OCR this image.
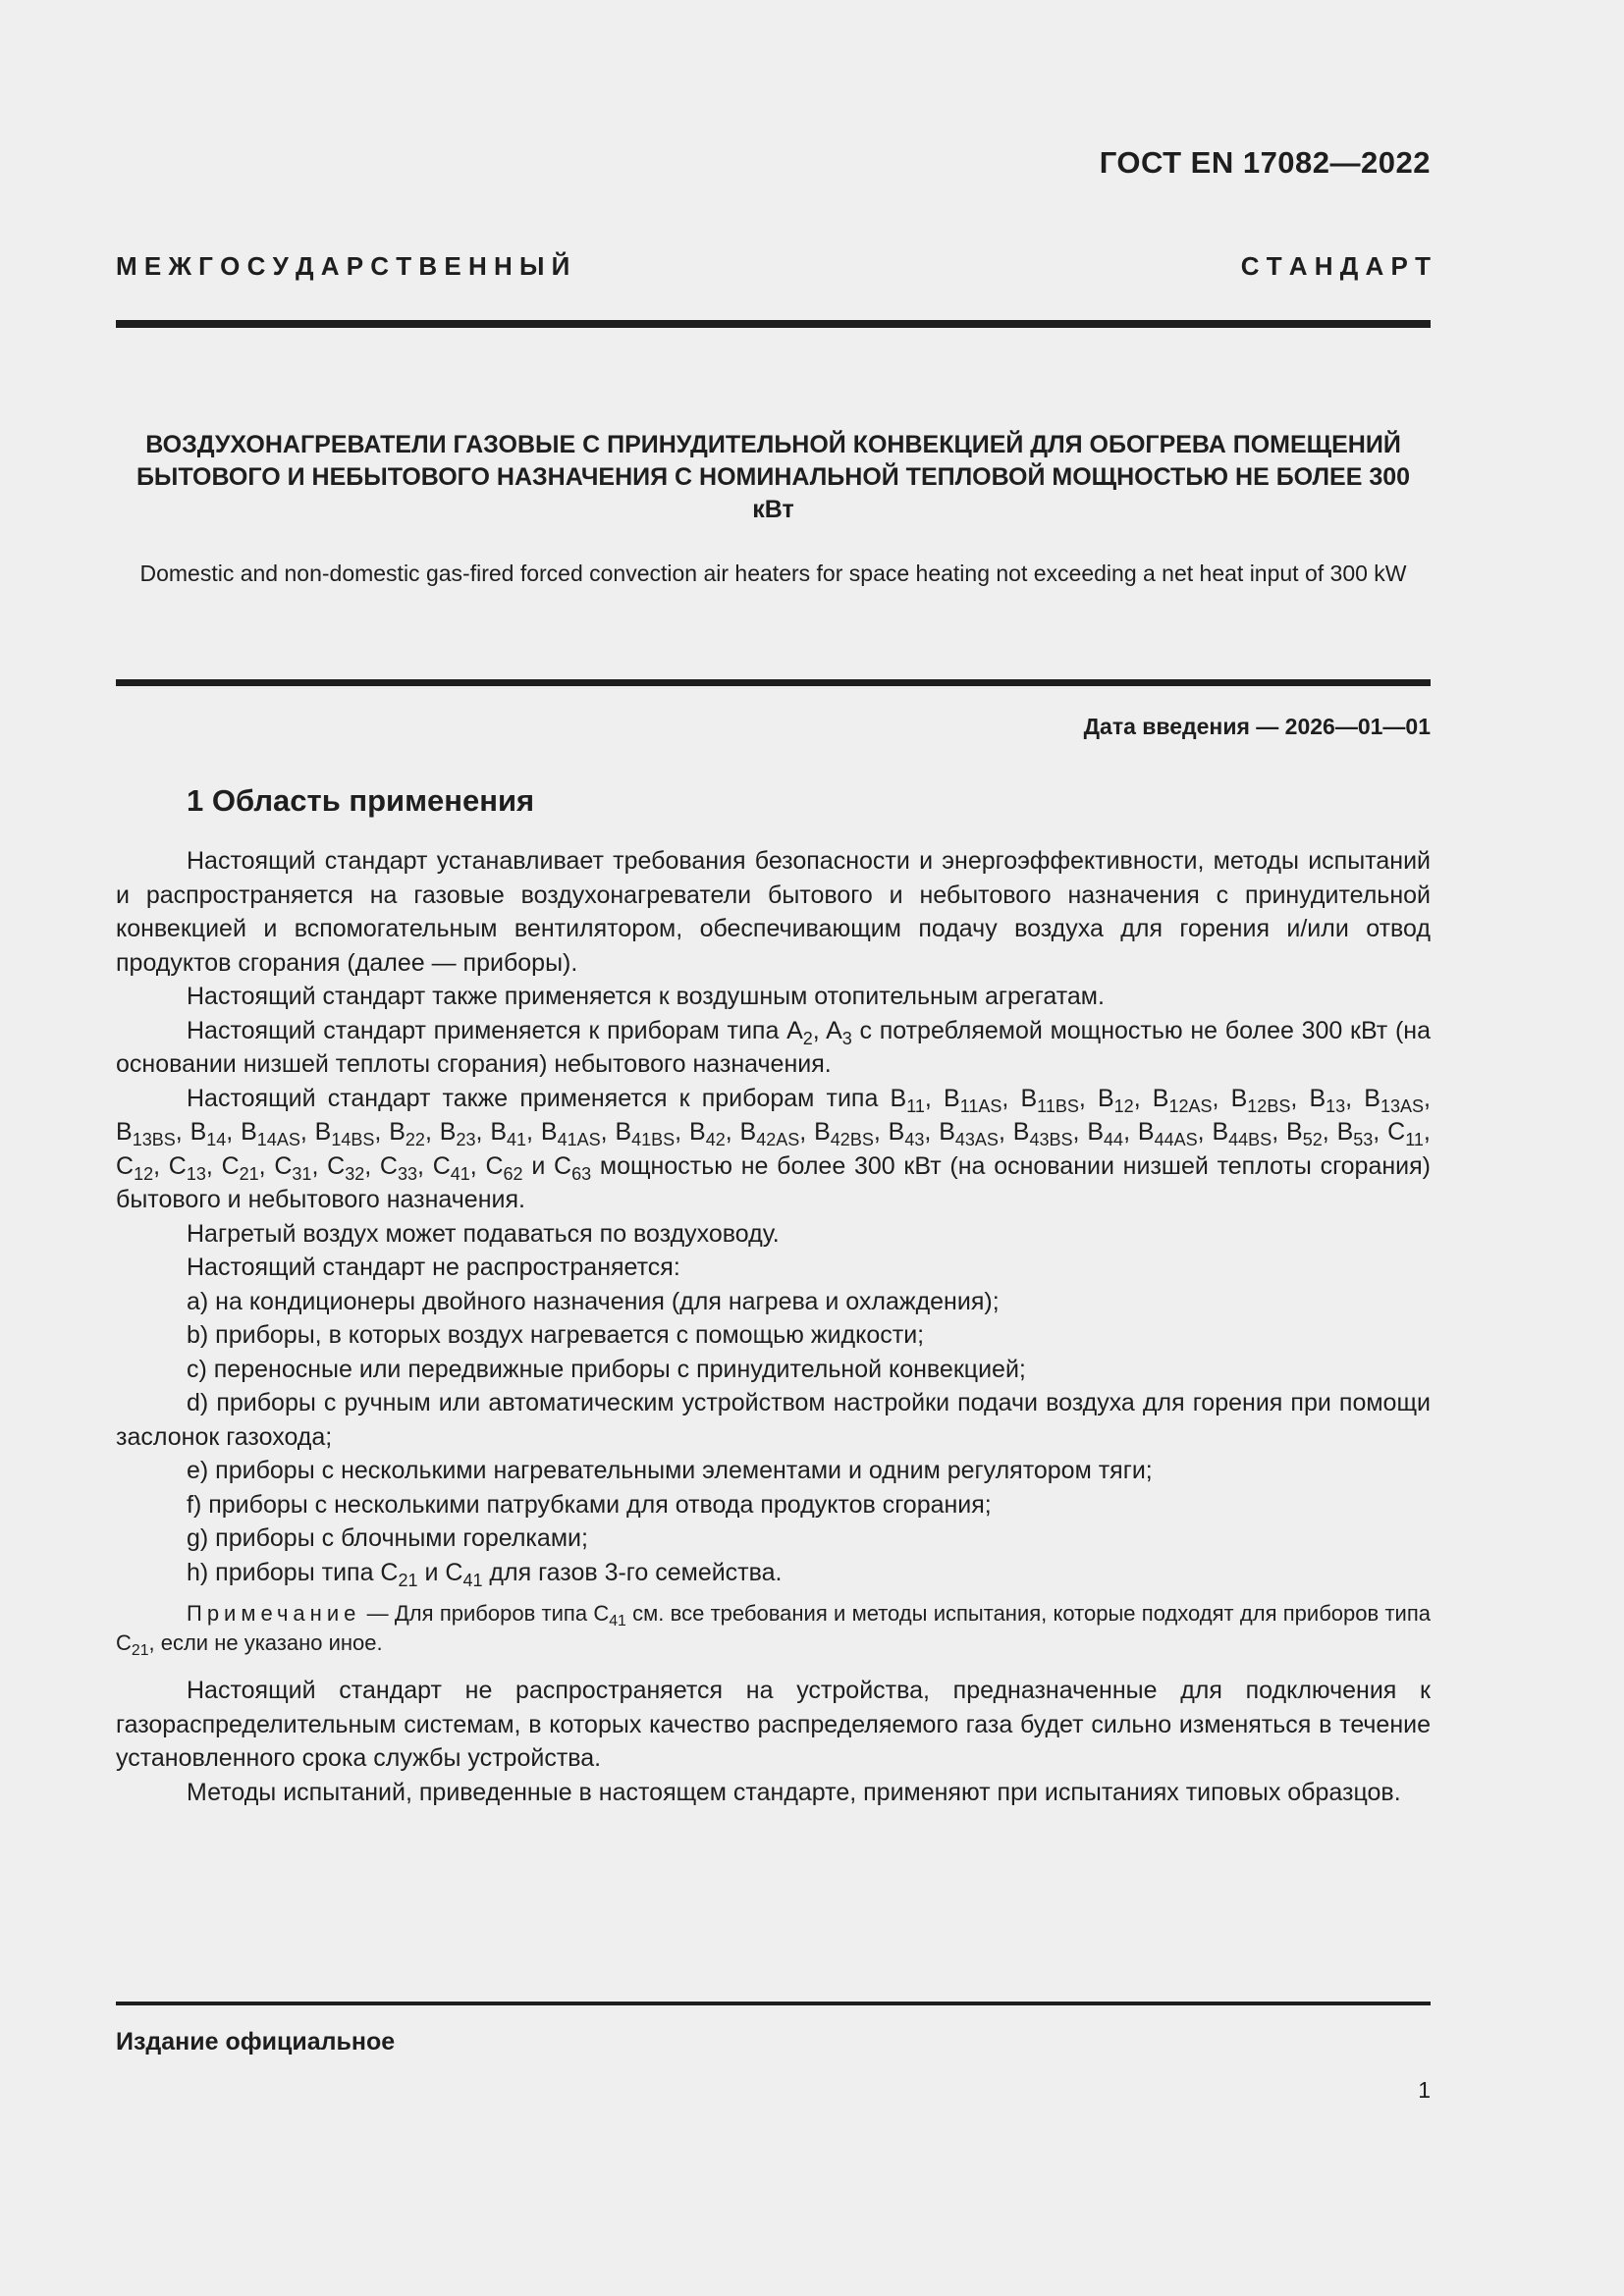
ГОСТ EN 17082—2022
М Е Ж Г О С У Д А Р С Т В Е Н Н Ы Й	С Т А Н Д А Р Т
ВОЗДУХОНАГРЕВАТЕЛИ ГАЗОВЫЕ С ПРИНУДИТЕЛЬНОЙ КОНВЕКЦИЕЙ ДЛЯ ОБОГРЕВА ПОМЕЩЕНИЙ БЫТОВОГО И НЕБЫТОВОГО НАЗНАЧЕНИЯ С НОМИНАЛЬНОЙ ТЕПЛОВОЙ МОЩНОСТЬЮ НЕ БОЛЕЕ 300 кВт
Domestic and non-domestic gas-fired forced convection air heaters for space heating not exceeding a net heat input of 300 kW
Дата введения — 2026—01—01
1 Область применения

Настоящий стандарт устанавливает требования безопасности и энергоэффективности, методы испытаний и распространяется на газовые воздухонагреватели бытового и небытового назначения с принудительной конвекцией и вспомогательным вентилятором, обеспечивающим подачу воздуха для горения и/или отвод продуктов сгорания (далее — приборы).

Настоящий стандарт также применяется к воздушным отопительным агрегатам.

Настоящий стандарт применяется к приборам типа $A_2$, $A_3$ с потребляемой мощностью не более 300 кВт (на основании низшей теплоты сгорания) небытового назначения.

Настоящий стандарт также применяется к приборам типа $B_{11}$, $B_{11AS}$, $B_{11BS}$, $B_{12}$, $B_{12AS}$, $B_{12BS}$, $B_{13}$, $B_{13AS}$, $B_{13BS}$, $B_{14}$, $B_{14AS}$, $B_{14BS}$, $B_{22}$, $B_{23}$, $B_{41}$, $B_{41AS}$, $B_{41BS}$, $B_{42}$, $B_{42AS}$, $B_{42BS}$, $B_{43}$, $B_{43AS}$, $B_{43BS}$, $B_{44}$, $B_{44AS}$, $B_{44BS}$, $B_{52}$, $B_{53}$, $C_{11}$, $C_{12}$, $C_{13}$, $C_{21}$, $C_{31}$, $C_{32}$, $C_{33}$, $C_{41}$, $C_{62}$ и $C_{63}$ мощностью не более 300 кВт (на основании низшей теплоты сгорания) бытового и небытового назначения.

Нагретый воздух может подаваться по воздуховоду.

Настоящий стандарт не распространяется:

a) на кондиционеры двойного назначения (для нагрева и охлаждения);

b) приборы, в которых воздух нагревается с помощью жидкости;

c) переносные или передвижные приборы с принудительной конвекцией;

d) приборы с ручным или автоматическим устройством настройки подачи воздуха для горения при помощи заслонок газохода;

e) приборы с несколькими нагревательными элементами и одним регулятором тяги;

f) приборы с несколькими патрубками для отвода продуктов сгорания;

g) приборы с блочными горелками;

h) приборы типа $C_{21}$ и $C_{41}$ для газов 3-го семейства.

Примечание — Для приборов типа $C_{41}$ см. все требования и методы испытания, которые подходят для приборов типа $C_{21}$, если не указано иное.

Настоящий стандарт не распространяется на устройства, предназначенные для подключения к газораспределительным системам, в которых качество распределяемого газа будет сильно изменяться в течение установленного срока службы устройства.

Методы испытаний, приведенные в настоящем стандарте, применяют при испытаниях типовых образцов.

Издание официальное
1
